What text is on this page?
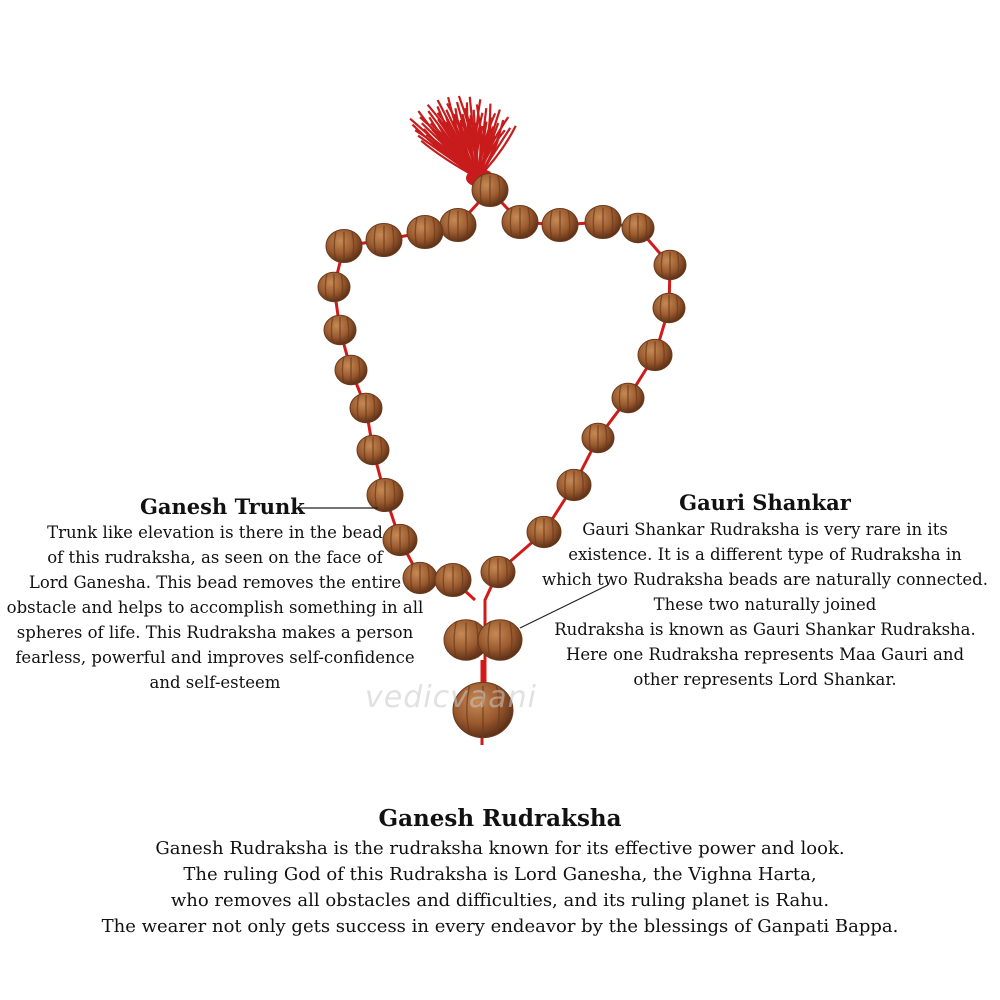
vedicvaani
Ganesh Trunk
Trunk like elevation is there in the bead
of this rudraksha, as seen on the face of
Lord Ganesha. This bead removes the entire
obstacle and helps to accomplish something in all
spheres of life. This Rudraksha makes a person
fearless, powerful and improves self-confidence
and self-esteem
Gauri Shankar
Gauri Shankar Rudraksha is very rare in its
existence. It is a different type of Rudraksha in
which two Rudraksha beads are naturally connected.
These two naturally joined
Rudraksha is known as Gauri Shankar Rudraksha.
Here one Rudraksha represents Maa Gauri and
other represents Lord Shankar.
Ganesh Rudraksha
Ganesh Rudraksha is the rudraksha known for its effective power and look.
The ruling God of this Rudraksha is Lord Ganesha, the Vighna Harta,
who removes all obstacles and difficulties, and its ruling planet is Rahu.
The wearer not only gets success in every endeavor by the blessings of Ganpati Bappa.
